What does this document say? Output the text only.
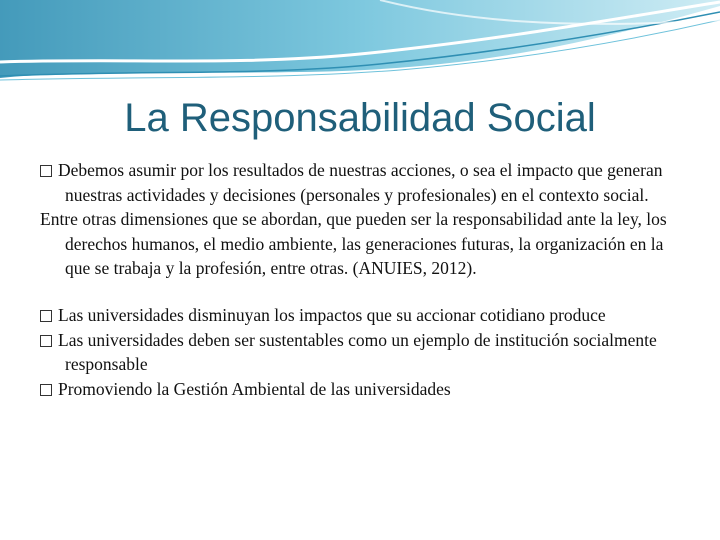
La Responsabilidad Social

Debemos asumir por los resultados de nuestras acciones, o sea el impacto que generan nuestras actividades y decisiones (personales y profesionales) en el contexto social.

Entre otras dimensiones que se abordan, que pueden ser la responsabilidad ante la ley, los derechos humanos, el medio ambiente, las generaciones futuras, la organización en la que se trabaja y la profesión, entre otras. (ANUIES, 2012).

Las universidades disminuyan los impactos que su accionar cotidiano produce

Las universidades deben ser sustentables como un ejemplo de institución socialmente responsable

Promoviendo la Gestión Ambiental de las universidades
